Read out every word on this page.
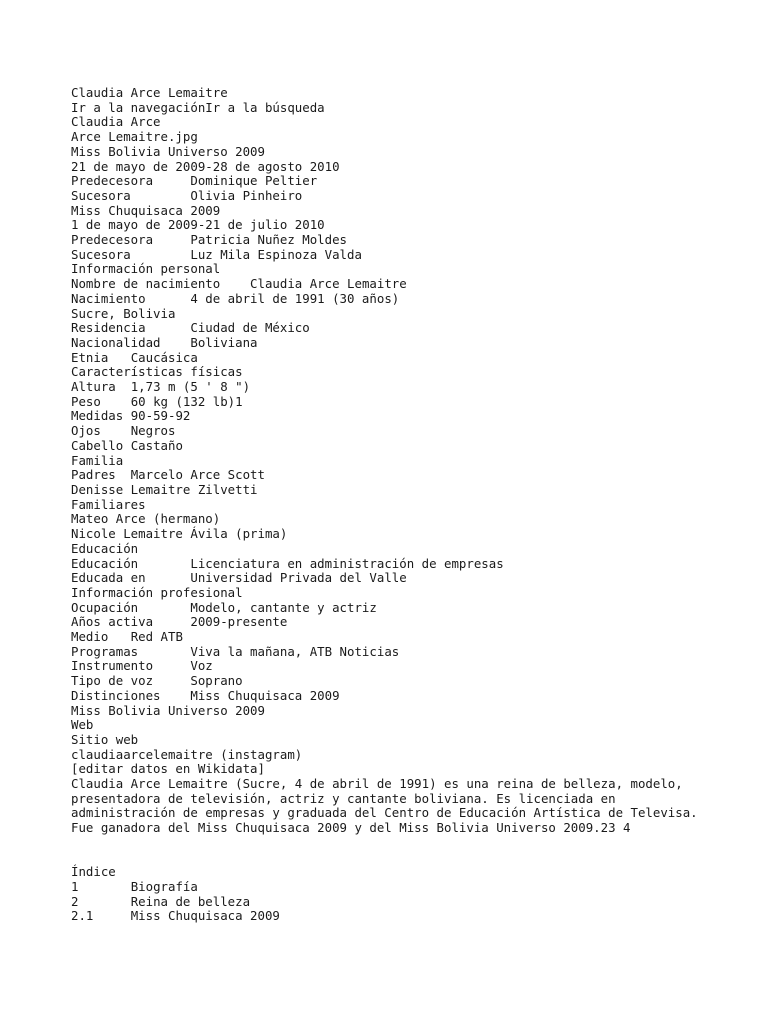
Claudia Arce Lemaitre
Ir a la navegaciónIr a la búsqueda
Claudia Arce
Arce Lemaitre.jpg
Miss Bolivia Universo 2009
21 de mayo de 2009-28 de agosto 2010
Predecesora	Dominique Peltier
Sucesora	Olivia Pinheiro
Miss Chuquisaca 2009
1 de mayo de 2009-21 de julio 2010
Predecesora	Patricia Nuñez Moldes
Sucesora	Luz Mila Espinoza Valda
Información personal
Nombre de nacimiento	Claudia Arce Lemaitre
Nacimiento	4 de abril de 1991 (30 años)
Sucre, Bolivia
Residencia	Ciudad de México
Nacionalidad	Boliviana
Etnia	Caucásica
Características físicas
Altura	1,73 m (5 ' 8 ")
Peso	60 kg (132 lb)1
Medidas	90-59-92
Ojos	Negros
Cabello	Castaño
Familia
Padres	Marcelo Arce Scott
Denisse Lemaitre Zilvetti
Familiares
Mateo Arce (hermano)
Nicole Lemaitre Ávila (prima)
Educación
Educación	Licenciatura en administración de empresas
Educada en	Universidad Privada del Valle
Información profesional
Ocupación	Modelo, cantante y actriz
Años activa	2009-presente
Medio	Red ATB
Programas	Viva la mañana, ATB Noticias
Instrumento	Voz
Tipo de voz	Soprano
Distinciones	Miss Chuquisaca 2009
Miss Bolivia Universo 2009
Web
Sitio web
claudiaarcelemaitre (instagram)
[editar datos en Wikidata]
Claudia Arce Lemaitre (Sucre, 4 de abril de 1991) es una reina de belleza, modelo, presentadora de televisión, actriz y cantante boliviana. Es licenciada en administración de empresas y graduada del Centro de Educación Artística de Televisa. Fue ganadora del Miss Chuquisaca 2009 y del Miss Bolivia Universo 2009.23 4
Índice
1	Biografía
2	Reina de belleza
2.1	Miss Chuquisaca 2009
